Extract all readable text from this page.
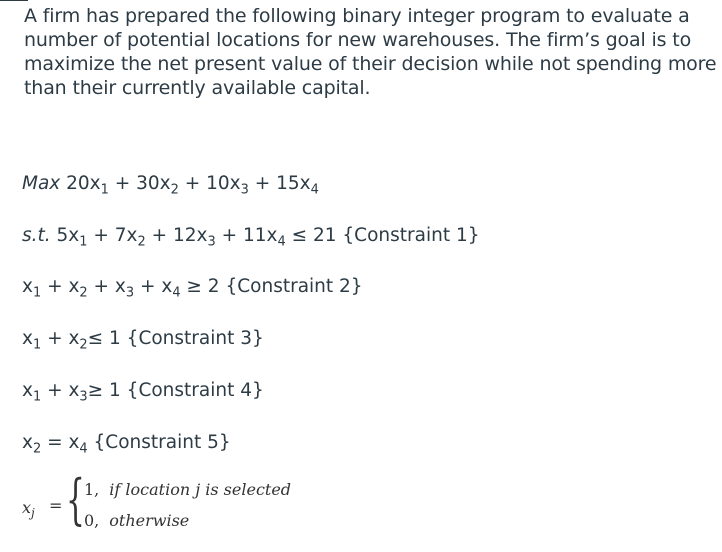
A firm has prepared the following binary integer program to evaluate a number of potential locations for new warehouses. The firm’s goal is to maximize the net present value of their decision while not spending more than their currently available capital.

Max $20x_1 + 30x_2 + 10x_3 + 15x_4$
s.t. $5x_1 + 7x_2 + 12x_3 + 11x_4 \le 21$ {Constraint 1}
$x_1 + x_2 + x_3 + x_4 \ge 2$ {Constraint 2}
$x_1 + x_2\le 1$ {Constraint 3}
$x_1 + x_3\ge 1$ {Constraint 4}
$x_2 = x_4$ {Constraint 5}
$x_j$ = { 1, if location j is selected
0, otherwise
